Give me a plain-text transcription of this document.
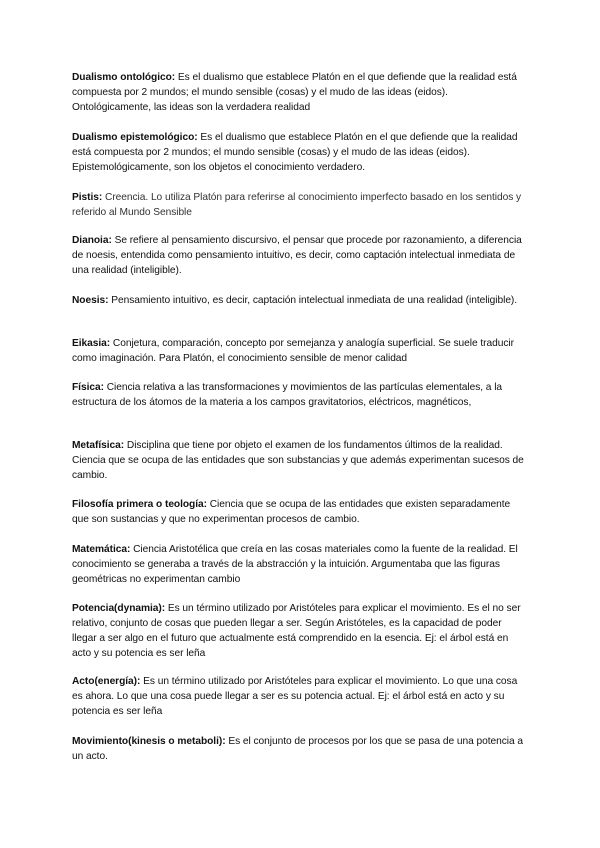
Dualismo ontológico: Es el dualismo que establece Platón en el que defiende que la realidad está compuesta por 2 mundos; el mundo sensible (cosas) y el mudo de las ideas (eidos). Ontológicamente, las ideas son la verdadera realidad
Dualismo epistemológico: Es el dualismo que establece Platón en el que defiende que la realidad está compuesta por 2 mundos; el mundo sensible (cosas) y el mudo de las ideas (eidos). Epistemológicamente, son los objetos el conocimiento verdadero.
Pistis: Creencia. Lo utiliza Platón para referirse al conocimiento imperfecto basado en los sentidos y referido al Mundo Sensible
Dianoia: Se refiere al pensamiento discursivo, el pensar que procede por razonamiento, a diferencia de noesis, entendida como pensamiento intuitivo, es decir, como captación intelectual inmediata de una realidad (inteligible).
Noesis: Pensamiento intuitivo, es decir, captación intelectual inmediata de una realidad (inteligible).
Eikasia: Conjetura, comparación, concepto por semejanza y analogía superficial. Se suele traducir como imaginación. Para Platón, el conocimiento sensible de menor calidad
Física: Ciencia relativa a las transformaciones y movimientos de las partículas elementales, a la estructura de los átomos de la materia a los campos gravitatorios, eléctricos, magnéticos,
Metafísica: Disciplina que tiene por objeto el examen de los fundamentos últimos de la realidad. Ciencia que se ocupa de las entidades que son substancias y que además experimentan sucesos de cambio.
Filosofía primera o teología: Ciencia que se ocupa de las entidades que existen separadamente que son sustancias y que no experimentan procesos de cambio.
Matemática: Ciencia Aristotélica que creía en las cosas materiales como la fuente de la realidad. El conocimiento se generaba a través de la abstracción y la intuición. Argumentaba que las figuras geométricas no experimentan cambio
Potencia(dynamia): Es un término utilizado por Aristóteles para explicar el movimiento. Es el no ser relativo, conjunto de cosas que pueden llegar a ser. Según Aristóteles, es la capacidad de poder llegar a ser algo en el futuro que actualmente está comprendido en la esencia. Ej: el árbol está en acto y su potencia es ser leña
Acto(energía): Es un término utilizado por Aristóteles para explicar el movimiento. Lo que una cosa es ahora. Lo que una cosa puede llegar a ser es su potencia actual. Ej: el árbol está en acto y su potencia es ser leña
Movimiento(kinesis o metaboli): Es el conjunto de procesos por los que se pasa de una potencia a un acto.
